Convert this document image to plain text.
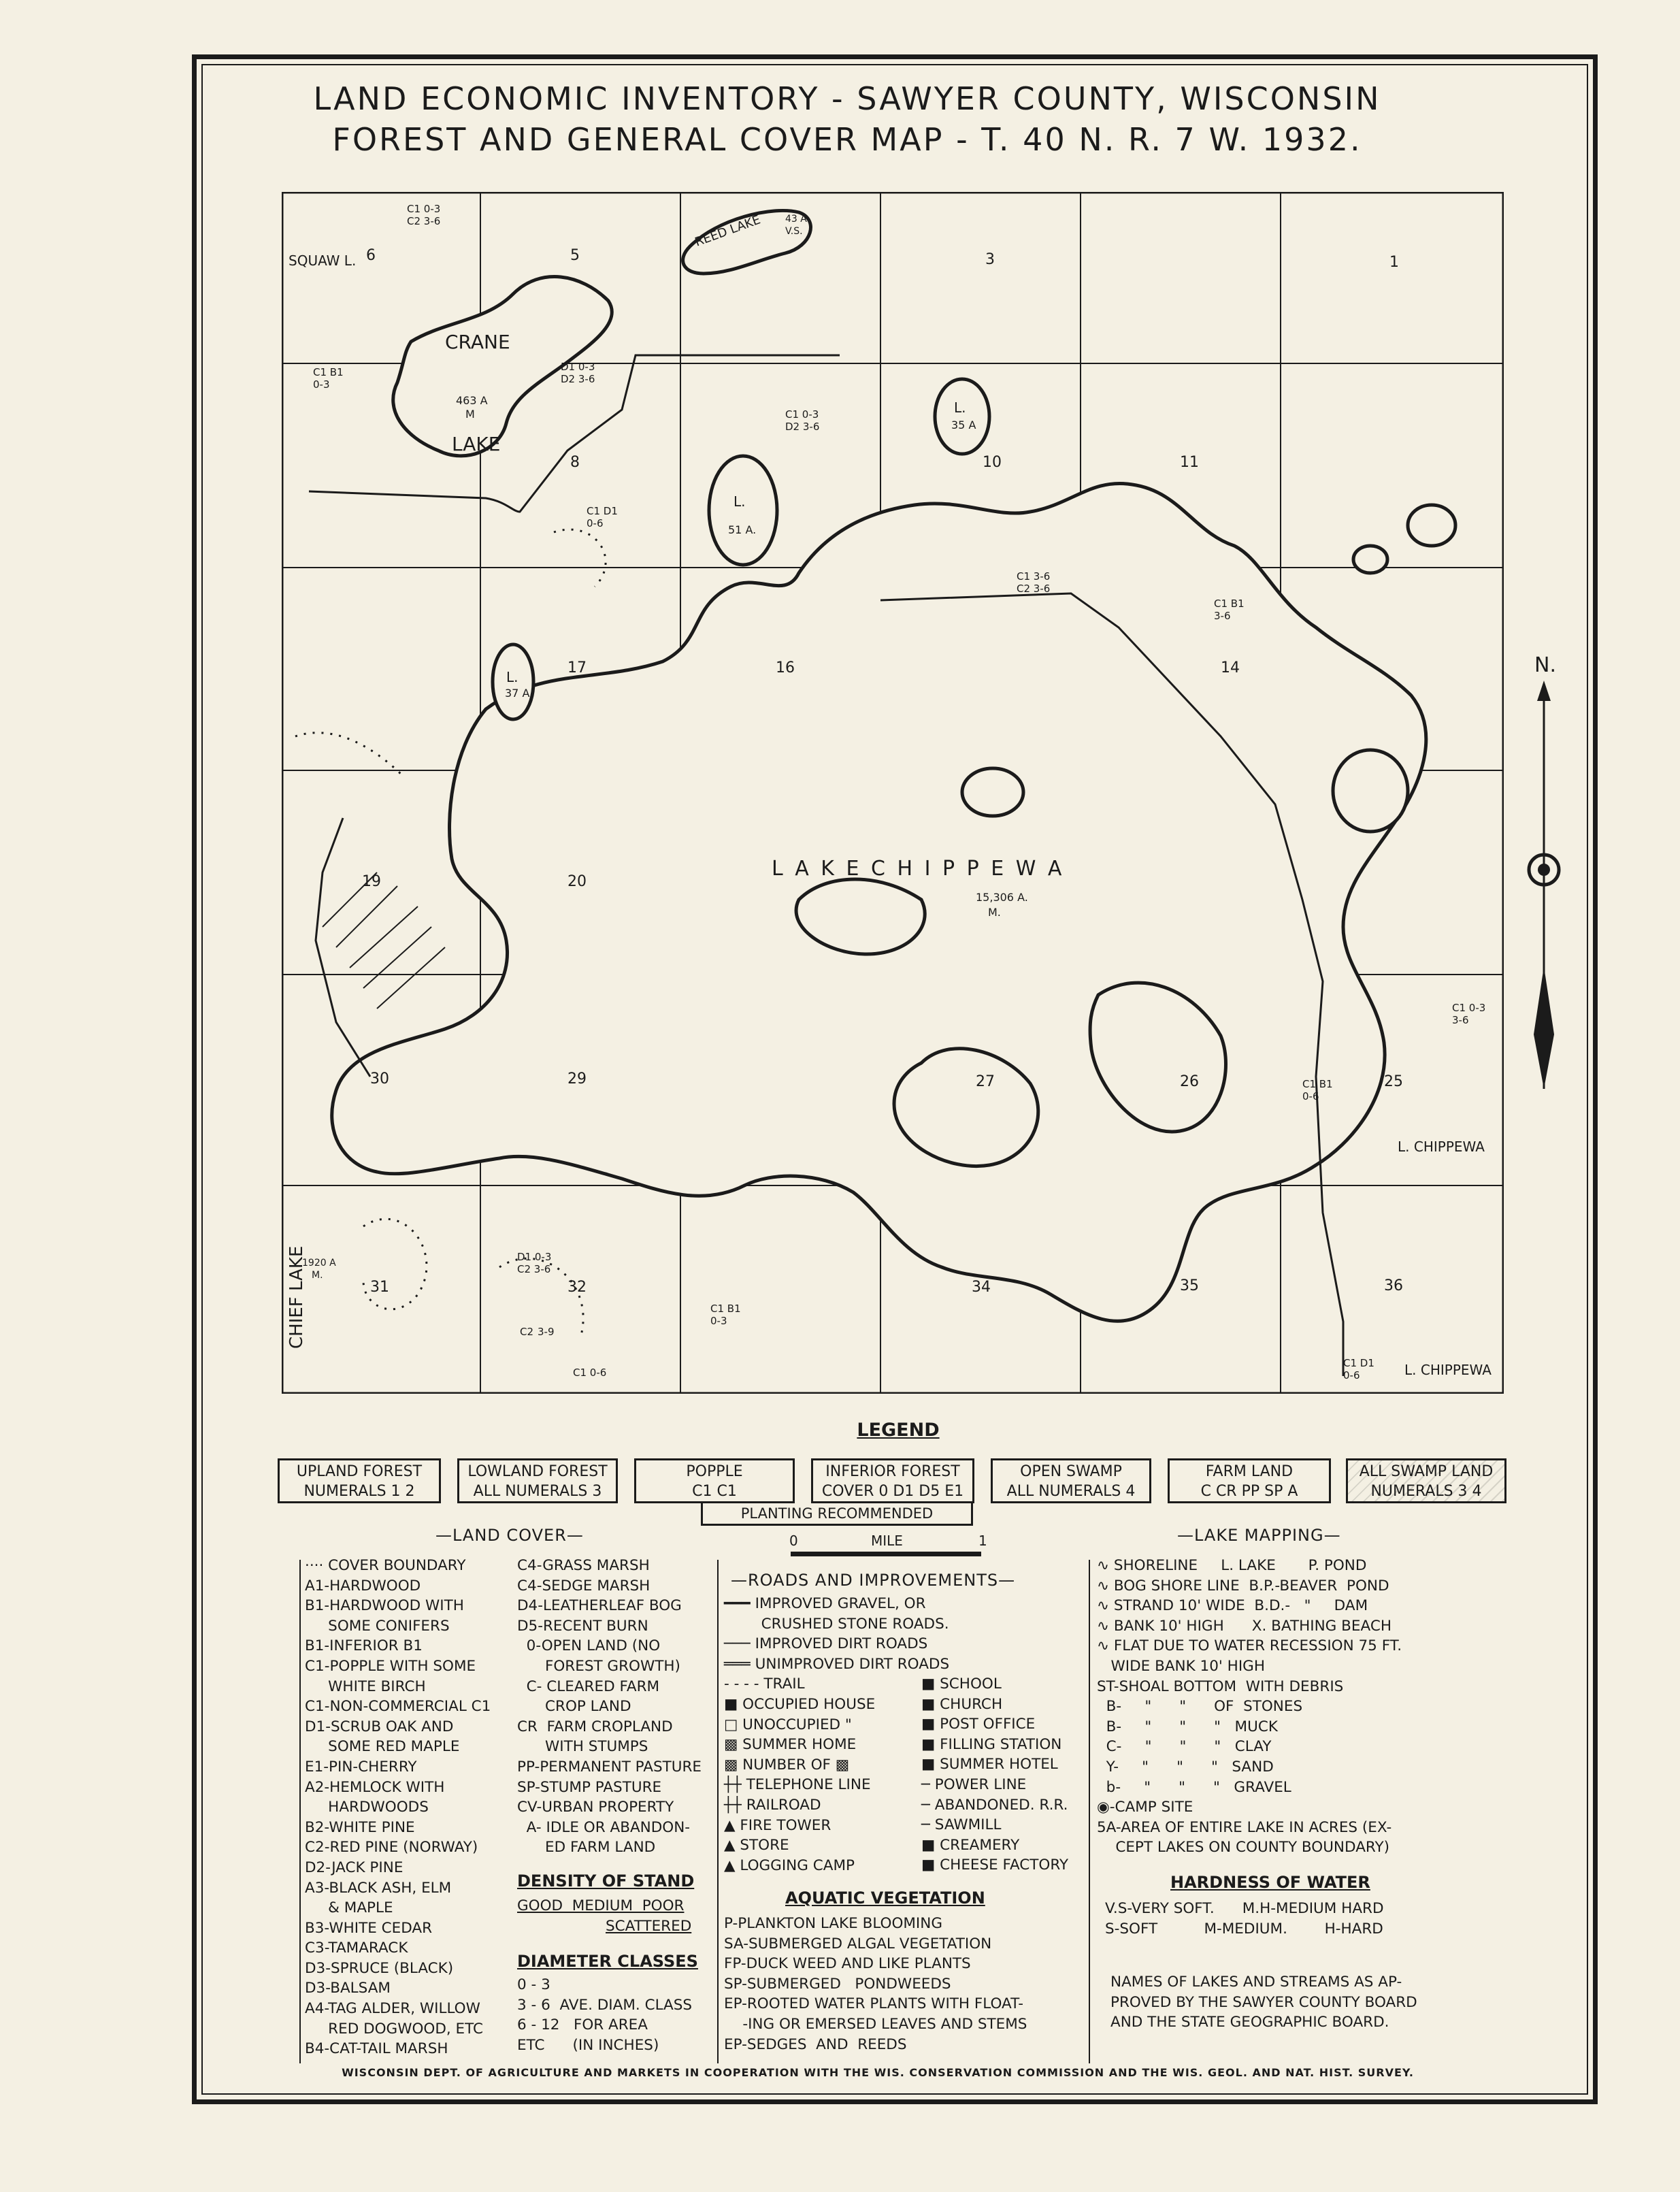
LAND ECONOMIC INVENTORY - SAWYER COUNTY, WISCONSIN
FOREST AND GENERAL COVER MAP - T. 40 N. R. 7 W. 1932.
L A K E C H I P P E W A
15,306 A.
M.
CRANE
LAKE
463 A
M
REED LAKE 43 A
V.S.
SQUAW L.
CHIEF LAKE
1920 A
M.
L. CHIPPEWA
L. CHIPPEWA
L.
35 A
L.
51 A.
L.
37 A
1
3
5
6
8	10	11
14
16
17
19	20
25
26
27
29
30
31	32	34	35	36
C1 0-3
C2 3-6
C1 B1
0-3
D1 0-3
D2 3-6
C1 0-3
D2 3-6
C1 D1
0-6
C1 B1
3-6
C1 0-3
3-6
C1 B1
0-6
C1 3-6
C2 3-6
D1 0-3
C2 3-6
C2 3-9
C1 D1
0-6
C1 B1
0-3
C1 0-6
N.
LEGEND
UPLAND FOREST
NUMERALS 1 2
LOWLAND FOREST
ALL NUMERALS 3
POPPLE
C1 C1
INFERIOR FOREST
COVER 0 D1 D5 E1
OPEN SWAMP
ALL NUMERALS 4
FARM LAND
C CR PP SP A
ALL SWAMP LAND
NUMERALS 3 4
PLANTING RECOMMENDED
0	MILE	1
—LAND COVER—	—LAKE MAPPING—
—ROADS AND IMPROVEMENTS—
···· COVER BOUNDARY
A1-HARDWOOD
B1-HARDWOOD WITH
SOME CONIFERS
B1-INFERIOR B1
C1-POPPLE WITH SOME
WHITE BIRCH
C1-NON-COMMERCIAL C1
D1-SCRUB OAK AND
SOME RED MAPLE
E1-PIN-CHERRY
A2-HEMLOCK WITH
HARDWOODS
B2-WHITE PINE
C2-RED PINE (NORWAY)
D2-JACK PINE
A3-BLACK ASH, ELM
& MAPLE
B3-WHITE CEDAR
C3-TAMARACK
D3-SPRUCE (BLACK)
D3-BALSAM
A4-TAG ALDER, WILLOW
RED DOGWOOD, ETC
B4-CAT-TAIL MARSH
C4-GRASS MARSH
C4-SEDGE MARSH
D4-LEATHERLEAF BOG
D5-RECENT BURN
0-OPEN LAND (NO
FOREST GROWTH)
C- CLEARED FARM
CROP LAND
CR  FARM CROPLAND
WITH STUMPS
PP-PERMANENT PASTURE
SP-STUMP PASTURE
CV-URBAN PROPERTY
A- IDLE OR ABANDON-
ED FARM LAND
DENSITY OF STAND
GOOD  MEDIUM  POOR
SCATTERED
DIAMETER CLASSES
0 - 3
3 - 6  AVE. DIAM. CLASS
6 - 12   FOR AREA
ETC      (IN INCHES)
━━━ IMPROVED GRAVEL, OR
CRUSHED STONE ROADS.
─── IMPROVED DIRT ROADS
═══ UNIMPROVED DIRT ROADS
- - - - TRAIL
■ OCCUPIED HOUSE
□ UNOCCUPIED "
▩ SUMMER HOME
▩ NUMBER OF ▩
┼┼ TELEPHONE LINE
┼┼ RAILROAD
▲ FIRE TOWER
▲ STORE
▲ LOGGING CAMP
■ SCHOOL
■ CHURCH
■ POST OFFICE
■ FILLING STATION
■ SUMMER HOTEL
─ POWER LINE
─ ABANDONED. R.R.
─ SAWMILL
■ CREAMERY
■ CHEESE FACTORY
AQUATIC VEGETATION
P-PLANKTON LAKE BLOOMING
SA-SUBMERGED ALGAL VEGETATION
FP-DUCK WEED AND LIKE PLANTS
SP-SUBMERGED   PONDWEEDS
EP-ROOTED WATER PLANTS WITH FLOAT-
-ING OR EMERSED LEAVES AND STEMS
EP-SEDGES  AND  REEDS
∿ SHORELINE     L. LAKE       P. POND
∿ BOG SHORE LINE  B.P.-BEAVER  POND
∿ STRAND 10' WIDE  B.D.-   "     DAM
∿ BANK 10' HIGH      X. BATHING BEACH
∿ FLAT DUE TO WATER RECESSION 75 FT.
WIDE BANK 10' HIGH
ST-SHOAL BOTTOM  WITH DEBRIS
B-     "      "      OF  STONES
B-     "      "      "   MUCK
C-     "      "      "   CLAY
Y-     "      "      "   SAND
b-     "      "      "   GRAVEL
◉-CAMP SITE
5A-AREA OF ENTIRE LAKE IN ACRES (EX-
CEPT LAKES ON COUNTY BOUNDARY)
HARDNESS OF WATER
V.S-VERY SOFT.      M.H-MEDIUM HARD
S-SOFT          M-MEDIUM.        H-HARD
NAMES OF LAKES AND STREAMS AS AP-
PROVED BY THE SAWYER COUNTY BOARD
AND THE STATE GEOGRAPHIC BOARD.
WISCONSIN DEPT. OF AGRICULTURE AND MARKETS IN COOPERATION WITH THE WIS. CONSERVATION COMMISSION AND THE WIS. GEOL. AND NAT. HIST. SURVEY.
